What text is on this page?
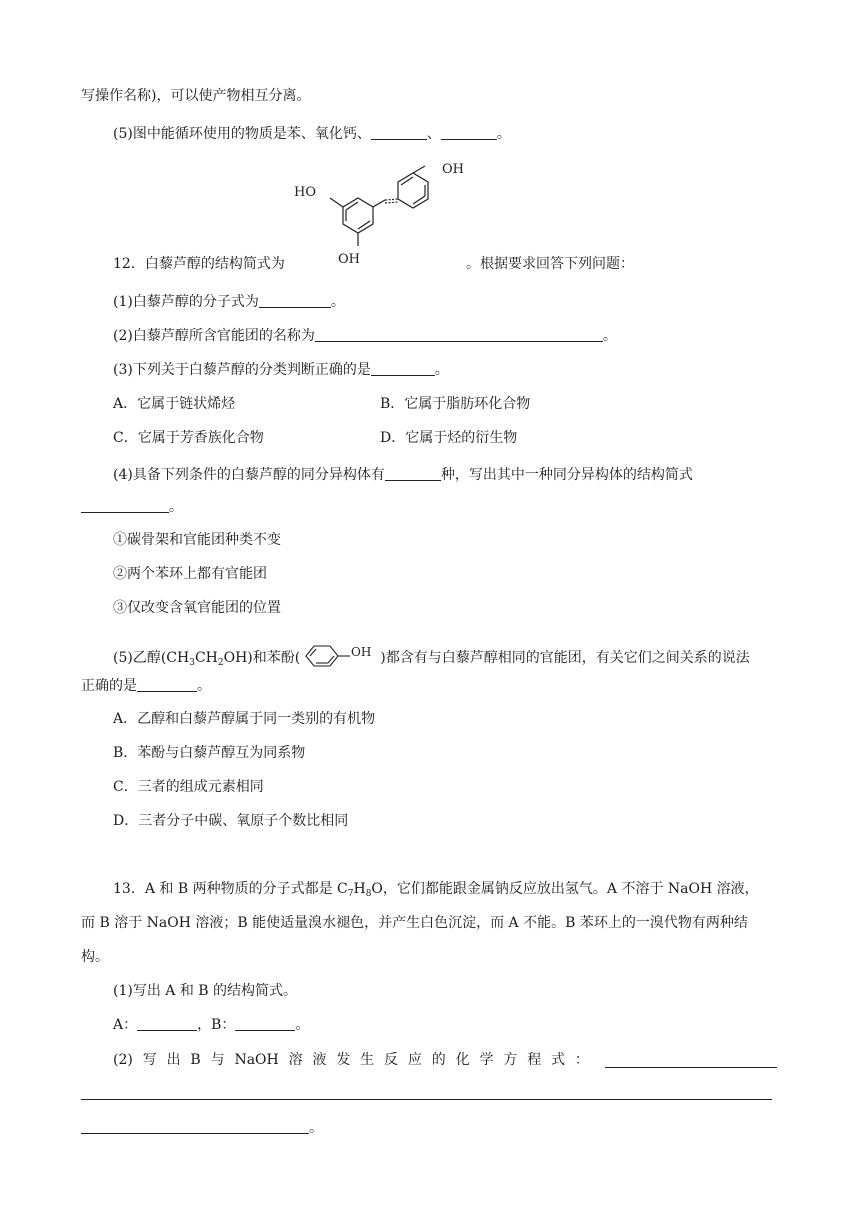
写操作名称)，可以使产物相互分离。
(5)图中能循环使用的物质是苯、氧化钙、	、	。
OH
HO
OH
12．白藜芦醇的结构简式为	。根据要求回答下列问题：
(1)白藜芦醇的分子式为	。
(2)白藜芦醇所含官能团的名称为	。
(3)下列关于白藜芦醇的分类判断正确的是	。
A．它属于链状烯烃	B．它属于脂肪环化合物
C．它属于芳香族化合物	D．它属于烃的衍生物
(4)具备下列条件的白藜芦醇的同分异构体有	种，写出其中一种同分异构体的结构简式
。
①碳骨架和官能团种类不变
②两个苯环上都有官能团
③仅改变含氧官能团的位置
(5)乙醇$(CH_3CH_2OH)$和苯酚(	OH )都含有与白藜芦醇相同的官能团，有关它们之间关系的说法
正确的是	。
A．乙醇和白藜芦醇属于同一类别的有机物
B．苯酚与白藜芦醇互为同系物
C．三者的组成元素相同
D．三者分子中碳、氧原子个数比相同
13．A 和 B 两种物质的分子式都是 $C_7H_8O$，它们都能跟金属钠反应放出氢气。A 不溶于 NaOH 溶液，
而 B 溶于 NaOH 溶液；B 能使适量溴水褪色，并产生白色沉淀，而 A 不能。B 苯环上的一溴代物有两种结
构。
(1)写出 A 和 B 的结构简式。
A：	，B：	。
(2) 写 出 B 与 NaOH 溶 液 发 生 反 应 的 化 学 方 程 式 ：
。
